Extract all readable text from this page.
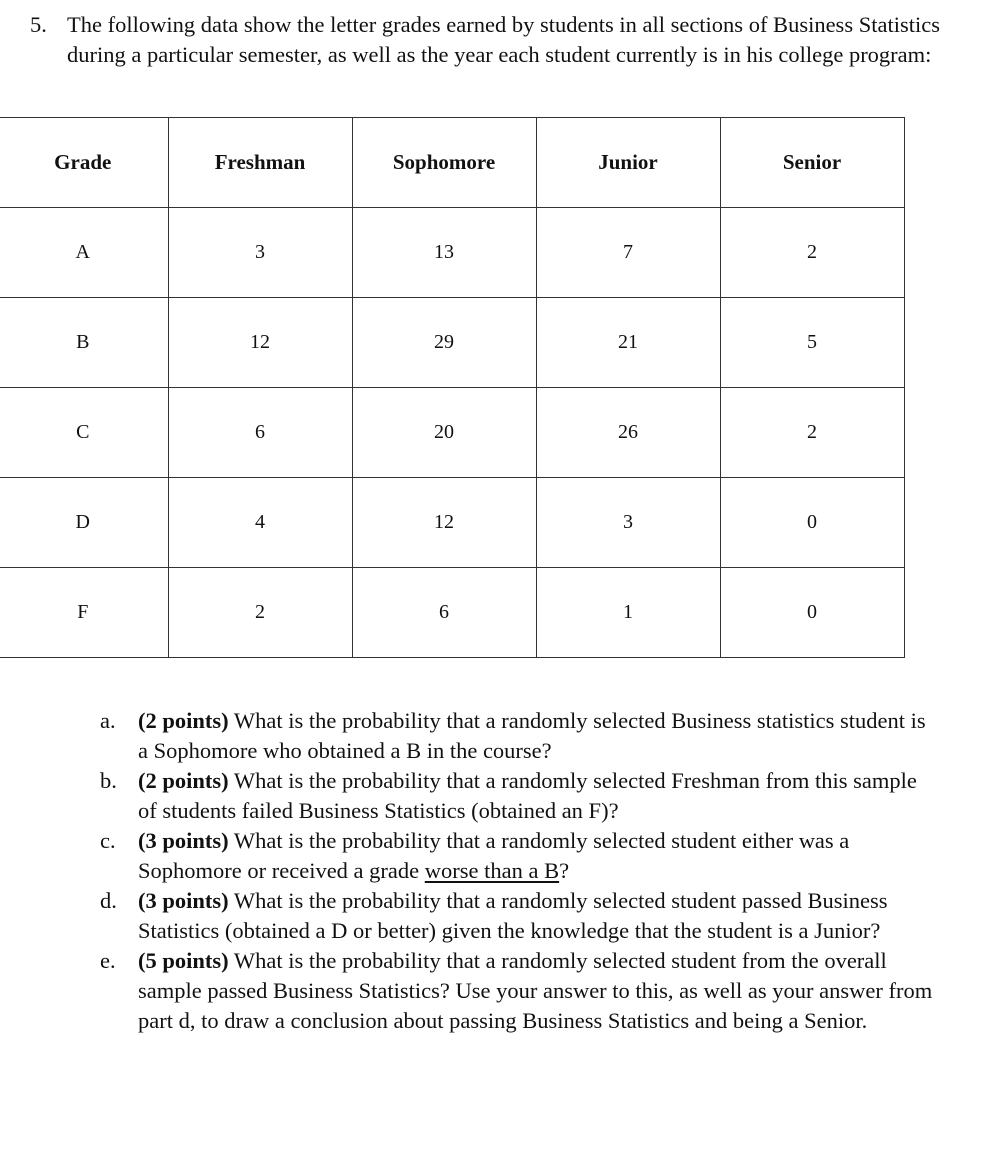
5. The following data show the letter grades earned by students in all sections of Business Statistics during a particular semester, as well as the year each student currently is in his college program:
Grade	Freshman	Sophomore	Junior	Senior
A	3	13	7	2
B	12	29	21	5
C	6	20	26	2
D	4	12	3	0
F	2	6	1	0
a. (2 points) What is the probability that a randomly selected Business statistics student is a Sophomore who obtained a B in the course?
b. (2 points) What is the probability that a randomly selected Freshman from this sample of students failed Business Statistics (obtained an F)?
c. (3 points) What is the probability that a randomly selected student either was a Sophomore or received a grade worse than a B?
d. (3 points) What is the probability that a randomly selected student passed Business Statistics (obtained a D or better) given the knowledge that the student is a Junior?
e. (5 points) What is the probability that a randomly selected student from the overall sample passed Business Statistics? Use your answer to this, as well as your answer from part d, to draw a conclusion about passing Business Statistics and being a Senior.
